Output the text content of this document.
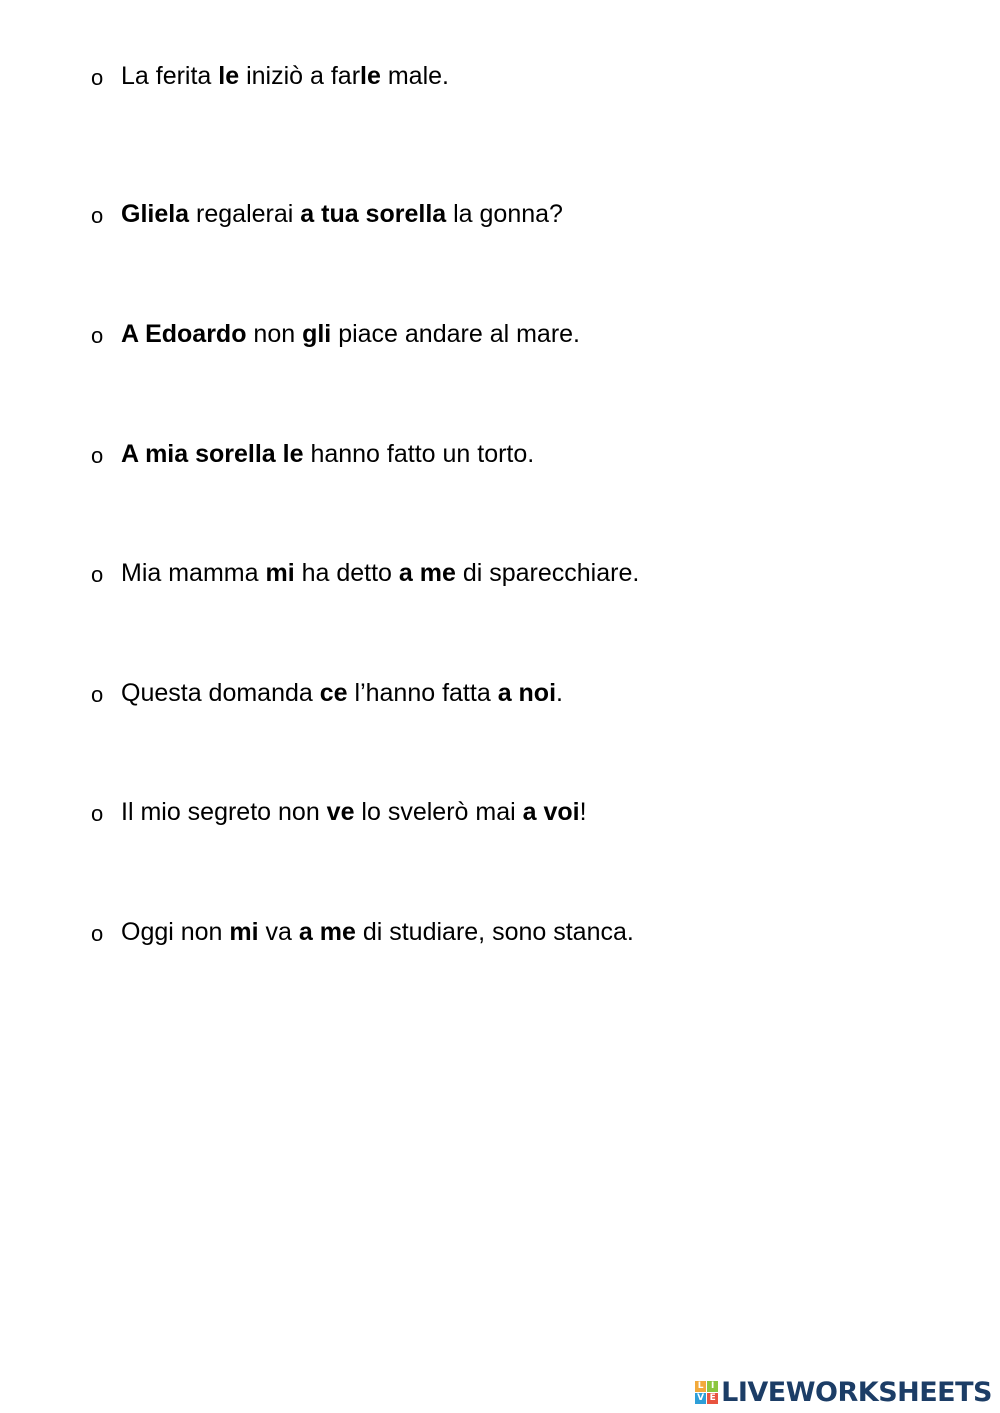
o La ferita le iniziò a far le male.
o Gliela regalerai a tua sorella la gonna?
o A Edoardo non gli piace andare al mare.
o A mia sorella le hanno fatto un torto.
o Mia mamma mi ha detto a me di sparecchiare.
o Questa domanda ce l’hanno fatta a noi .
o Il mio segreto non ve lo svelerò mai a voi !
o Oggi non mi va a me di studiare, sono stanca.
L I
V E LIVEWORKSHEETS
